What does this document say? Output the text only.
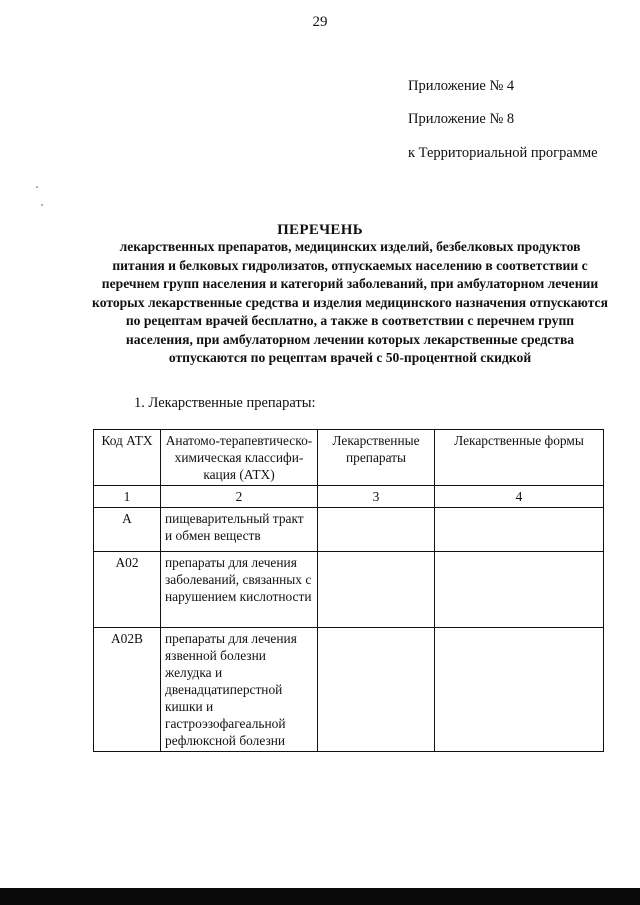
29
Приложение № 4
Приложение № 8
к Территориальной программе
ПЕРЕЧЕНЬ
лекарственных препаратов, медицинских изделий, безбелковых продуктов питания и белковых гидролизатов, отпускаемых населению в соответствии с перечнем групп населения и категорий заболеваний, при амбулаторном лечении которых лекарственные средства и изделия медицинского назначения отпускаются по рецептам врачей бесплатно, а также в соответствии с перечнем групп населения, при амбулаторном лечении которых лекарственные средства отпускаются по рецептам врачей с 50-процентной скидкой
1. Лекарственные препараты:
Код АТХ	Анатомо-терапевтическо-химическая классифи-кация (АТХ)	Лекарственные препараты	Лекарственные формы
1	2	3	4
А	пищеварительный тракт и обмен веществ		
А02	препараты для лечения заболеваний, связанных с нарушением кислотности		
А02В	препараты для лечения язвенной болезни желудка и двенадцатиперстной кишки и гастроэзофагеальной рефлюксной болезни		
